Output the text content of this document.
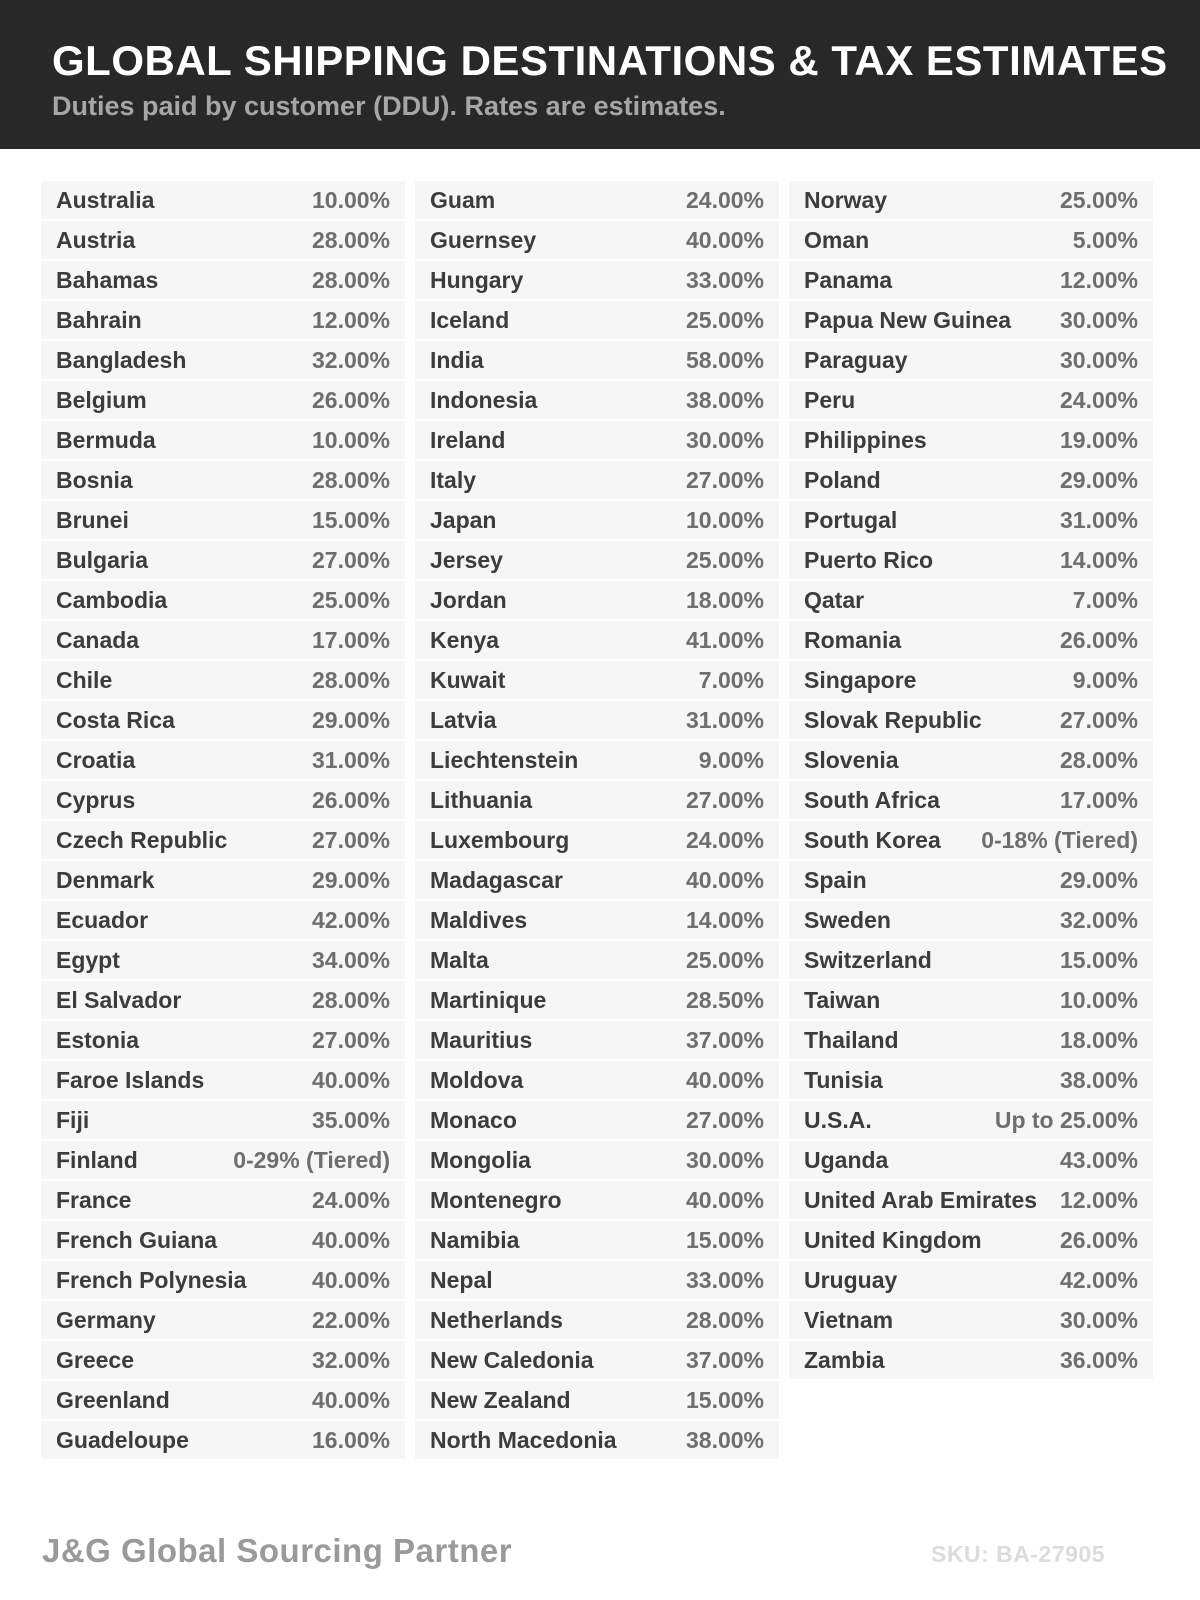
GLOBAL SHIPPING DESTINATIONS & TAX ESTIMATES
Duties paid by customer (DDU). Rates are estimates.
Australia	10.00%
Austria	28.00%
Bahamas	28.00%
Bahrain	12.00%
Bangladesh	32.00%
Belgium	26.00%
Bermuda	10.00%
Bosnia	28.00%
Brunei	15.00%
Bulgaria	27.00%
Cambodia	25.00%
Canada	17.00%
Chile	28.00%
Costa Rica	29.00%
Croatia	31.00%
Cyprus	26.00%
Czech Republic	27.00%
Denmark	29.00%
Ecuador	42.00%
Egypt	34.00%
El Salvador	28.00%
Estonia	27.00%
Faroe Islands	40.00%
Fiji	35.00%
Finland	0-29% (Tiered)
France	24.00%
French Guiana	40.00%
French Polynesia	40.00%
Germany	22.00%
Greece	32.00%
Greenland	40.00%
Guadeloupe	16.00%
Guam	24.00%
Guernsey	40.00%
Hungary	33.00%
Iceland	25.00%
India	58.00%
Indonesia	38.00%
Ireland	30.00%
Italy	27.00%
Japan	10.00%
Jersey	25.00%
Jordan	18.00%
Kenya	41.00%
Kuwait	7.00%
Latvia	31.00%
Liechtenstein	9.00%
Lithuania	27.00%
Luxembourg	24.00%
Madagascar	40.00%
Maldives	14.00%
Malta	25.00%
Martinique	28.50%
Mauritius	37.00%
Moldova	40.00%
Monaco	27.00%
Mongolia	30.00%
Montenegro	40.00%
Namibia	15.00%
Nepal	33.00%
Netherlands	28.00%
New Caledonia	37.00%
New Zealand	15.00%
North Macedonia	38.00%
Norway	25.00%
Oman	5.00%
Panama	12.00%
Papua New Guinea 30.00%
Paraguay	30.00%
Peru	24.00%
Philippines	19.00%
Poland	29.00%
Portugal	31.00%
Puerto Rico	14.00%
Qatar	7.00%
Romania	26.00%
Singapore	9.00%
Slovak Republic	27.00%
Slovenia	28.00%
South Africa	17.00%
South Korea 0-18% (Tiered)
Spain	29.00%
Sweden	32.00%
Switzerland	15.00%
Taiwan	10.00%
Thailand	18.00%
Tunisia	38.00%
U.S.A.	Up to 25.00%
Uganda	43.00%
United Arab Emirates 12.00%
United Kingdom	26.00%
Uruguay	42.00%
Vietnam	30.00%
Zambia	36.00%
J&G Global Sourcing Partner	SKU: BA-27905
